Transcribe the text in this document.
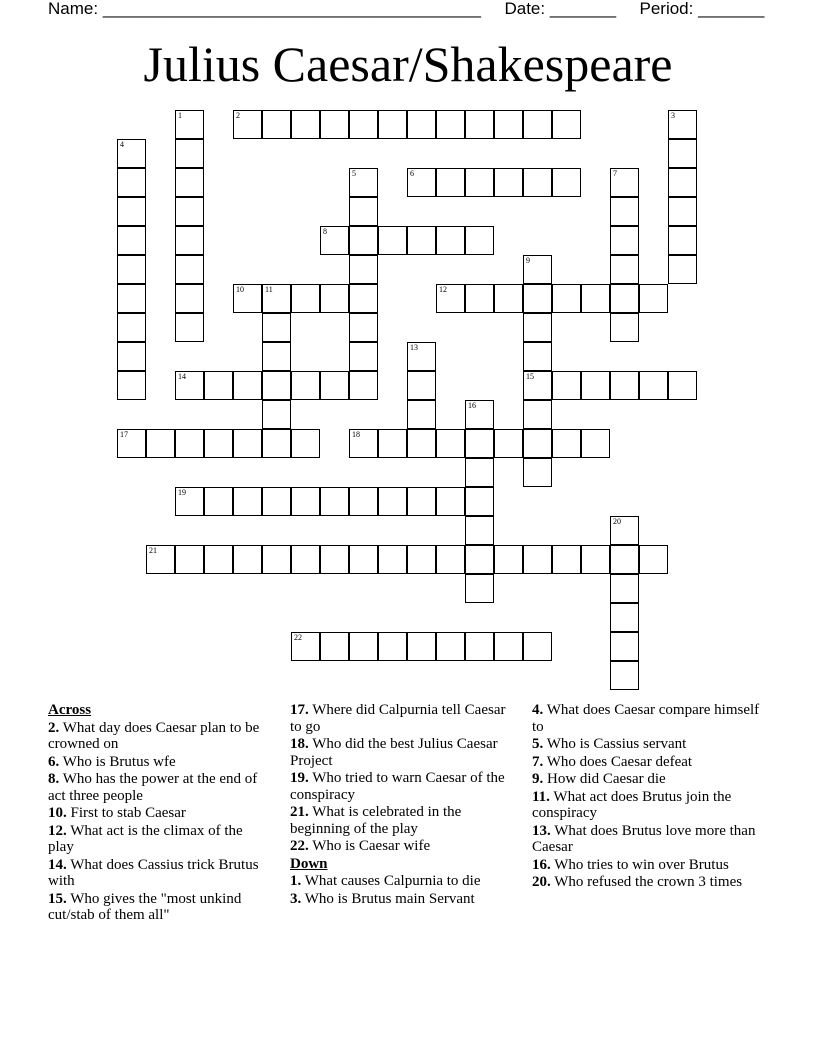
Name: ________________________________________ Date: _______ Period: _______
Julius Caesar/Shakespeare
1	2	3
4
5	6	7
8
9
15
10	11	12
13
14
16
17	18
19
20
21
22
Across
2. What day does Caesar plan to be crowned on
6. Who is Brutus wfe
8. Who has the power at the end of act three people
10. First to stab Caesar
12. What act is the climax of the play
14. What does Cassius trick Brutus with
15. Who gives the "most unkind cut/stab of them all"
17. Where did Calpurnia tell Caesar to go
18. Who did the best Julius Caesar Project
19. Who tried to warn Caesar of the conspiracy
21. What is celebrated in the beginning of the play
22. Who is Caesar wife
Down
1. What causes Calpurnia to die
3. Who is Brutus main Servant
4. What does Caesar compare himself to
5. Who is Cassius servant
7. Who does Caesar defeat
9. How did Caesar die
11. What act does Brutus join the conspiracy
13. What does Brutus love more than Caesar
16. Who tries to win over Brutus
20. Who refused the crown 3 times
